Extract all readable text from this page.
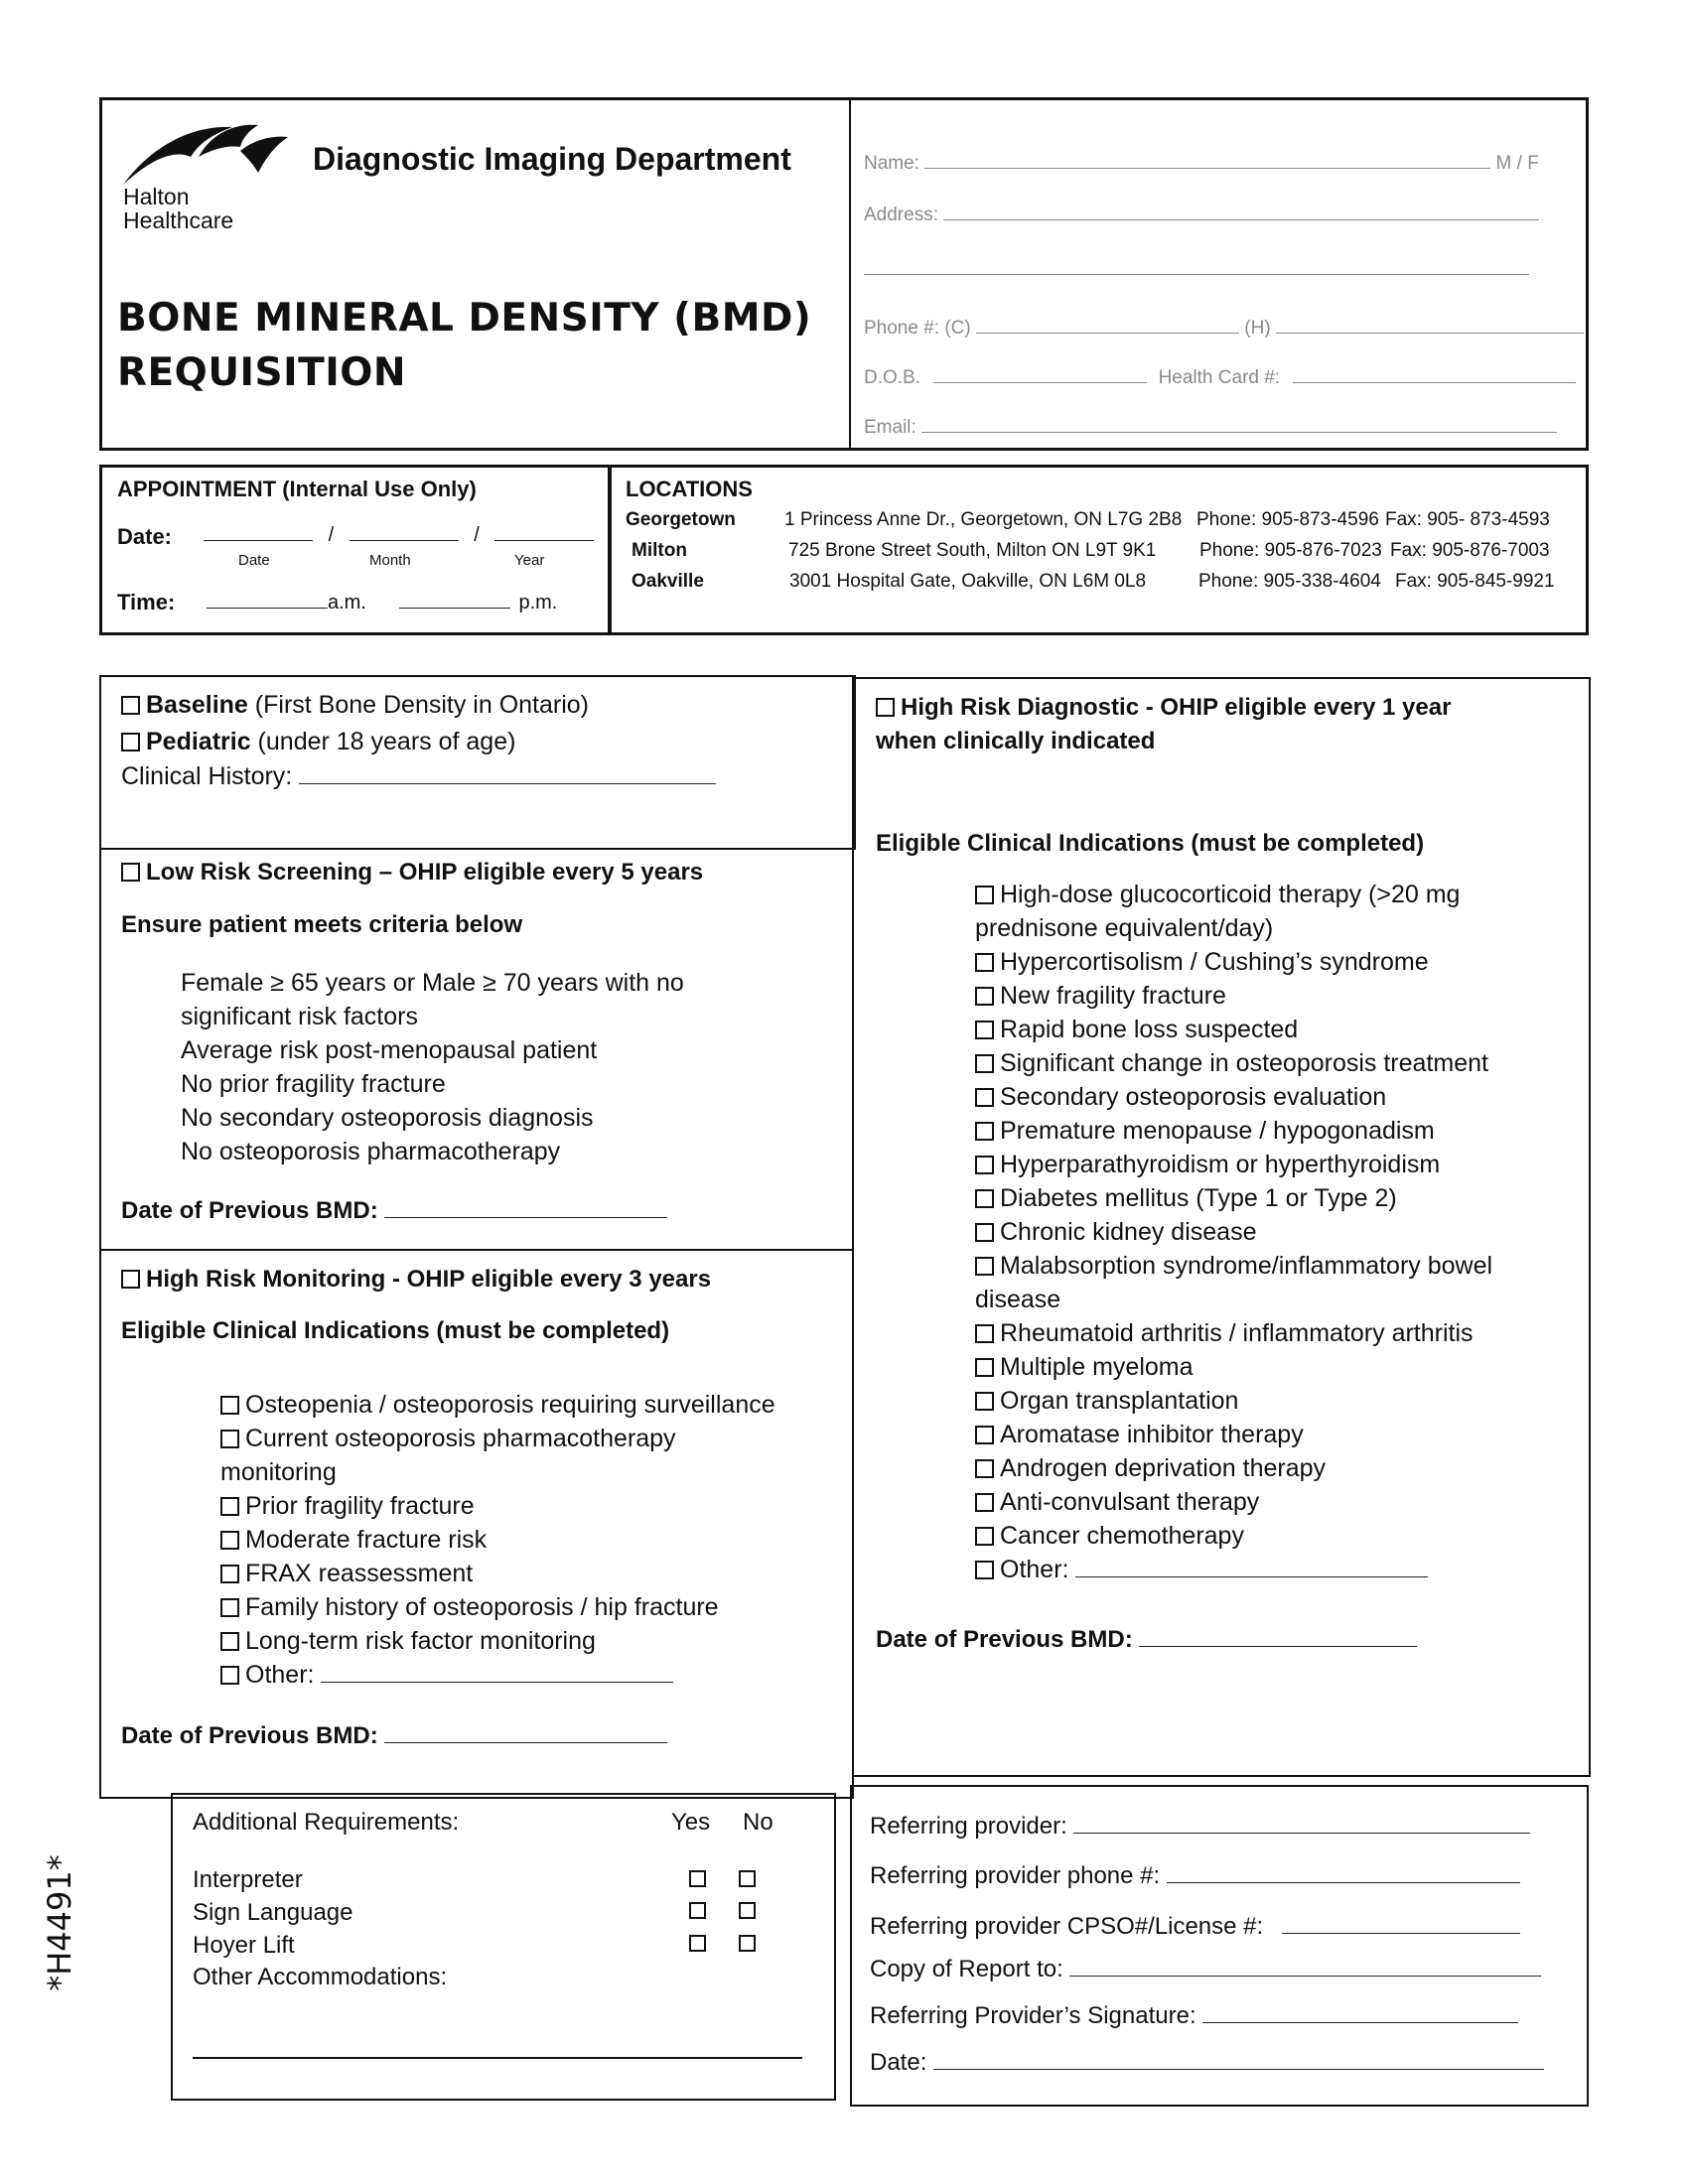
Halton
Healthcare
Diagnostic Imaging Department
BONE MINERAL DENSITY (BMD)
REQUISITION
Name:	M / F
Address:
Phone #: (C)	(H)
D.O.B.	Health Card #:
Email:
APPOINTMENT (Internal Use Only)
Date:	/	/
Date	Month	Year
Time:	a.m.	p.m.
LOCATIONS
Georgetown	1 Princess Anne Dr., Georgetown, ON L7G 2B8 Phone: 905-873-4596 Fax: 905- 873-4593
Milton	725 Brone Street South, Milton ON L9T 9K1 Phone: 905-876-7023 Fax: 905-876-7003
Oakville	3001 Hospital Gate, Oakville, ON L6M 0L8	Phone: 905-338-4604 Fax: 905-845-9921
Baseline (First Bone Density in Ontario)
Pediatric (under 18 years of age)
Clinical History:
Low Risk Screening – OHIP eligible every 5 years
Ensure patient meets criteria below
Female ≥ 65 years or Male ≥ 70 years with no
significant risk factors
Average risk post-menopausal patient
No prior fragility fracture
No secondary osteoporosis diagnosis
No osteoporosis pharmacotherapy
Date of Previous BMD:
High Risk Monitoring - OHIP eligible every 3 years
Eligible Clinical Indications (must be completed)
Osteopenia / osteoporosis requiring surveillance
Current osteoporosis pharmacotherapy
monitoring
Prior fragility fracture
Moderate fracture risk
FRAX reassessment
Family history of osteoporosis / hip fracture
Long-term risk factor monitoring
Other:
Date of Previous BMD:
High Risk Diagnostic - OHIP eligible every 1 year
when clinically indicated
Eligible Clinical Indications (must be completed)
High-dose glucocorticoid therapy (>20 mg
prednisone equivalent/day)
Hypercortisolism / Cushing’s syndrome
New fragility fracture
Rapid bone loss suspected
Significant change in osteoporosis treatment
Secondary osteoporosis evaluation
Premature menopause / hypogonadism
Hyperparathyroidism or hyperthyroidism
Diabetes mellitus (Type 1 or Type 2)
Chronic kidney disease
Malabsorption syndrome/inflammatory bowel
disease
Rheumatoid arthritis / inflammatory arthritis
Multiple myeloma
Organ transplantation
Aromatase inhibitor therapy
Androgen deprivation therapy
Anti-convulsant therapy
Cancer chemotherapy
Other:
Date of Previous BMD:
*H4491*
Additional Requirements:	Yes No
Interpreter
Sign Language
Hoyer Lift
Other Accommodations:
Referring provider:
Referring provider phone #:
Referring provider CPSO#/License #:
Copy of Report to:
Referring Provider’s Signature:
Date:
